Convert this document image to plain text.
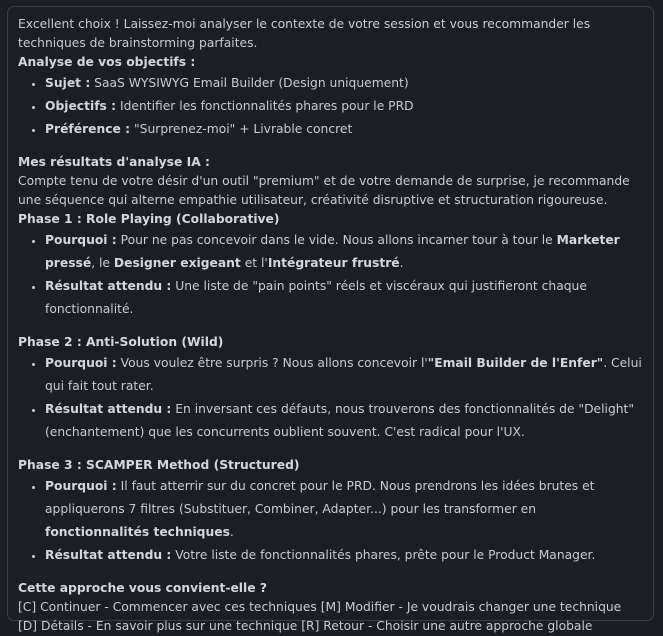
Excellent choix ! Laissez-moi analyser le contexte de votre session et vous recommander les techniques de brainstorming parfaites.

Analyse de vos objectifs :

• Sujet : SaaS WYSIWYG Email Builder (Design uniquement)
• Objectifs : Identifier les fonctionnalités phares pour le PRD
• Préférence : "Surprenez-moi" + Livrable concret

Mes résultats d'analyse IA :

Compte tenu de votre désir d'un outil "premium" et de votre demande de surprise, je recommande une séquence qui alterne empathie utilisateur, créativité disruptive et structuration rigoureuse.

Phase 1 : Role Playing (Collaborative)

• Pourquoi : Pour ne pas concevoir dans le vide. Nous allons incarner tour à tour le Marketer pressé, le Designer exigeant et l'Intégrateur frustré.
• Résultat attendu : Une liste de "pain points" réels et viscéraux qui justifieront chaque fonctionnalité.

Phase 2 : Anti-Solution (Wild)

• Pourquoi : Vous voulez être surpris ? Nous allons concevoir l'"Email Builder de l'Enfer". Celui qui fait tout rater.
• Résultat attendu : En inversant ces défauts, nous trouverons des fonctionnalités de "Delight" (enchantement) que les concurrents oublient souvent. C'est radical pour l'UX.

Phase 3 : SCAMPER Method (Structured)

• Pourquoi : Il faut atterrir sur du concret pour le PRD. Nous prendrons les idées brutes et appliquerons 7 filtres (Substituer, Combiner, Adapter...) pour les transformer en fonctionnalités techniques.
• Résultat attendu : Votre liste de fonctionnalités phares, prête pour le Product Manager.

Cette approche vous convient-elle ?

[C] Continuer - Commencer avec ces techniques [M] Modifier - Je voudrais changer une technique [D] Détails - En savoir plus sur une technique [R] Retour - Choisir une autre approche globale
